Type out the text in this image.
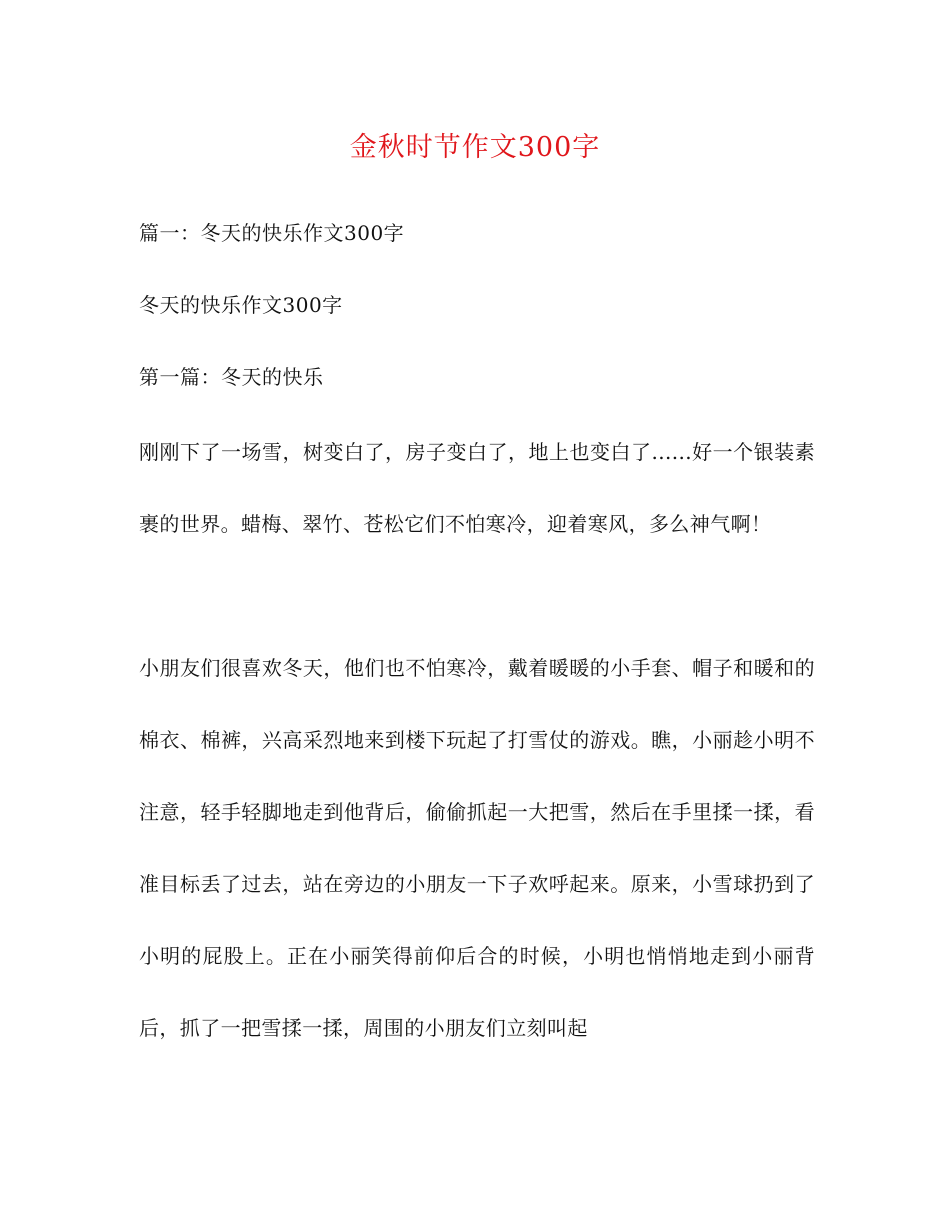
金秋时节作文300字
篇一：冬天的快乐作文300字
冬天的快乐作文300字
第一篇：冬天的快乐

刚刚下了一场雪，树变白了，房子变白了，地上也变白了......好一个银装素裹的世界。蜡梅、翠竹、苍松它们不怕寒冷，迎着寒风，多么神气啊！

小朋友们很喜欢冬天，他们也不怕寒冷，戴着暖暖的小手套、帽子和暖和的棉衣、棉裤，兴高采烈地来到楼下玩起了打雪仗的游戏。瞧，小丽趁小明不注意，轻手轻脚地走到他背后，偷偷抓起一大把雪，然后在手里揉一揉，看准目标丢了过去，站在旁边的小朋友一下子欢呼起来。原来，小雪球扔到了小明的屁股上。正在小丽笑得前仰后合的时候，小明也悄悄地走到小丽背后，抓了一把雪揉一揉，周围的小朋友们立刻叫起
